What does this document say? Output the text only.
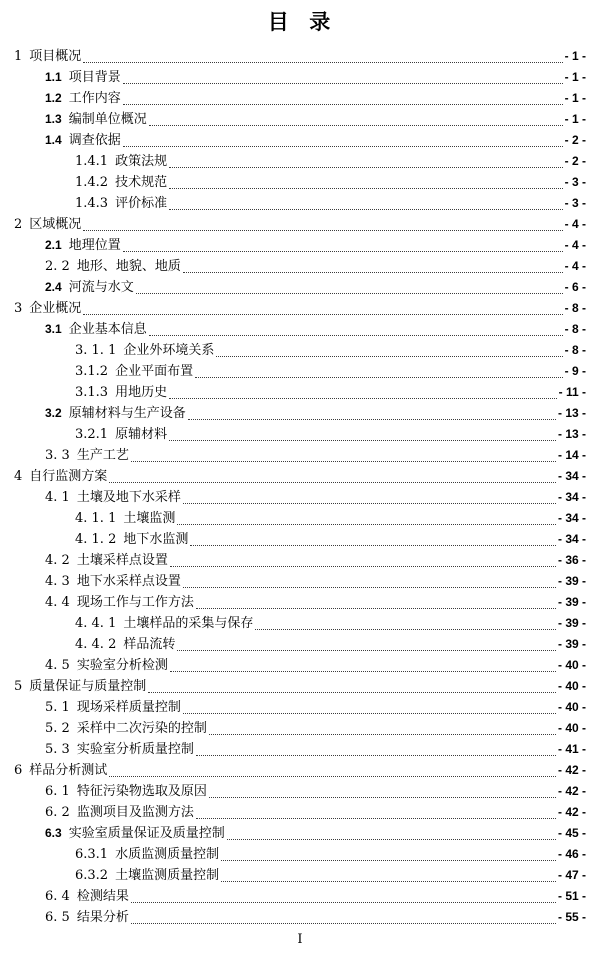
目  录
1 项目概况	- 1 -
1.1 项目背景	- 1 -
1.2 工作内容	- 1 -
1.3 编制单位概况	- 1 -
1.4 调查依据	- 2 -
1.4.1 政策法规	- 2 -
1.4.2 技术规范	- 3 -
1.4.3 评价标准	- 3 -
2 区域概况	- 4 -
2.1 地理位置	- 4 -
2. 2 地形、地貌、地质	- 4 -
2.4 河流与水文	- 6 -
3 企业概况	- 8 -
3.1 企业基本信息	- 8 -
3. 1. 1 企业外环境关系	- 8 -
3.1.2 企业平面布置	- 9 -
3.1.3 用地历史	- 11 -
3.2 原辅材料与生产设备	- 13 -
3.2.1 原辅材料	- 13 -
3. 3 生产工艺	- 14 -
4 自行监测方案	- 34 -
4. 1 土壤及地下水采样	- 34 -
4. 1. 1 土壤监测	- 34 -
4. 1. 2 地下水监测	- 34 -
4. 2 土壤采样点设置	- 36 -
4. 3 地下水采样点设置	- 39 -
4. 4 现场工作与工作方法	- 39 -
4. 4. 1 土壤样品的采集与保存	- 39 -
4. 4. 2 样品流转	- 39 -
4. 5 实验室分析检测	- 40 -
5 质量保证与质量控制	- 40 -
5. 1 现场采样质量控制	- 40 -
5. 2 采样中二次污染的控制	- 40 -
5. 3 实验室分析质量控制	- 41 -
6 样品分析测试	- 42 -
6. 1 特征污染物选取及原因	- 42 -
6. 2 监测项目及监测方法	- 42 -
6.3 实验室质量保证及质量控制	- 45 -
6.3.1 水质监测质量控制	- 46 -
6.3.2 土壤监测质量控制	- 47 -
6. 4 检测结果	- 51 -
6. 5 结果分析	- 55 -
I
